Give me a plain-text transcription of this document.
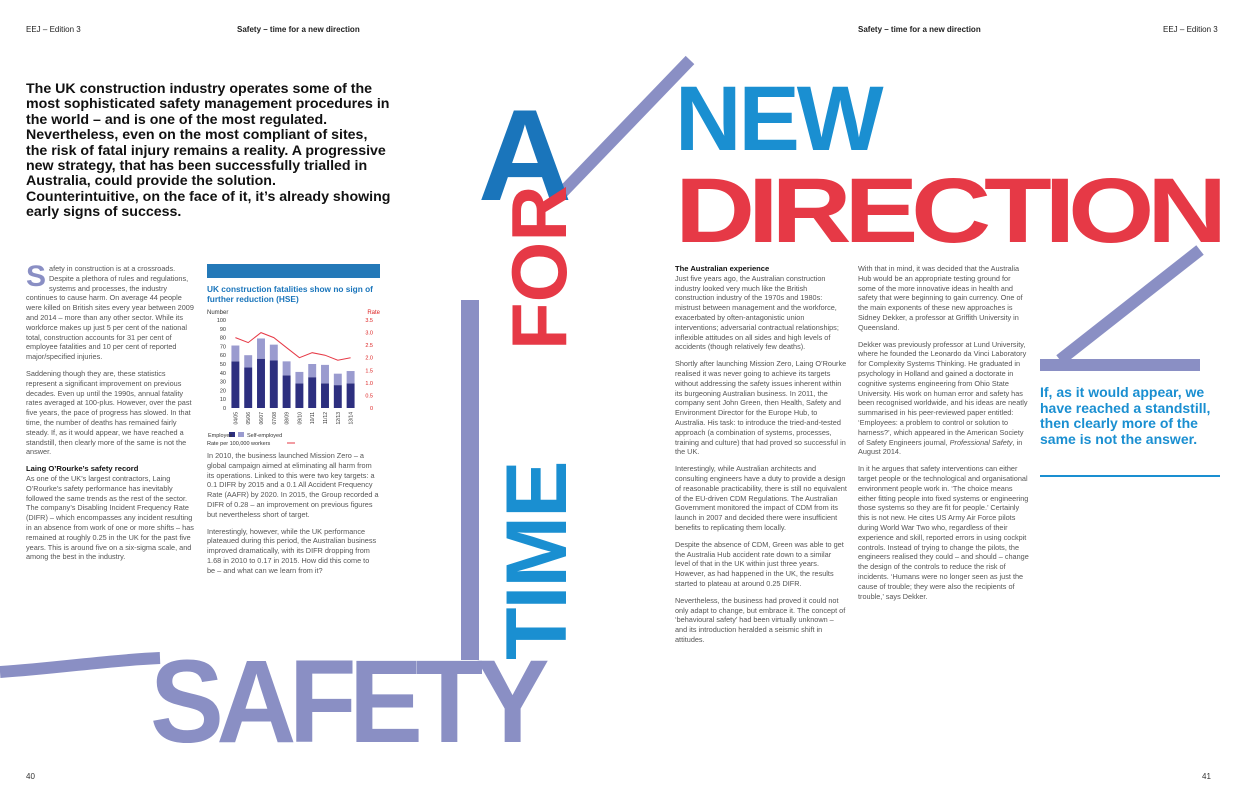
EEJ – Edition 3	Safety – time for a new direction	Safety – time for a new direction	EEJ – Edition 3
The UK construction industry operates some of the most sophisticated safety management procedures in the world – and is one of the most regulated. Nevertheless, even on the most compliant of sites, the risk of fatal injury remains a reality. A progressive new strategy, that has been successfully trialled in Australia, could provide the solution. Counterintuitive, on the face of it, it’s already showing early signs of success.	A NEW
DIRECTION
FOR
TIME
SAFETY

Safety in construction is at a crossroads. Despite a plethora of rules and regulations, systems and processes, the industry continues to cause harm. On average 44 people were killed on British sites every year between 2009 and 2014 – more than any other sector. While its workforce makes up just 5 per cent of the national total, construction accounts for 31 per cent of employee fatalities and 10 per cent of reported major/specified injuries.

Saddening though they are, these statistics represent a significant improvement on previous decades. Even up until the 1990s, annual fatality rates averaged at 100-plus. However, over the past five years, the pace of progress has slowed. In that time, the number of deaths has remained fairly steady. If, as it would appear, we have reached a standstill, then clearly more of the same is not the answer.

Laing O’Rourke’s safety record

As one of the UK’s largest contractors, Laing O’Rourke’s safety performance has inevitably followed the same trends as the rest of the sector. The company’s Disabling Incident Frequency Rate (DIFR) – which encompasses any incident resulting in an absence from work of one or more shifts – has remained at roughly 0.25 in the UK for the past five years. This is around five on a six-sigma scale, and among the best in the industry.

UK construction fatalities show no sign of further reduction (HSE)
Number	Rate
100
90
80
70
60
50
40
30
20
10
0
3.5
3.0
2.5
2.0
1.5
1.0
0.5
0
04/05 05/06 06/07 07/08 08/09 09/10 10/11 11/12 12/13 13/14
Employee	Self-employed
Rate per 100,000 workers

In 2010, the business launched Mission Zero – a global campaign aimed at eliminating all harm from its operations. Linked to this were two key targets: a 0.1 DIFR by 2015 and a 0.1 All Accident Frequency Rate (AAFR) by 2020. In 2015, the Group recorded a DIFR of 0.28 – an improvement on previous figures but nevertheless short of target.

Interestingly, however, while the UK performance plateaued during this period, the Australian business improved dramatically, with its DIFR dropping from 1.68 in 2010 to 0.17 in 2015. How did this come to be – and what can we learn from it?

The Australian experience

Just five years ago, the Australian construction industry looked very much like the British construction industry of the 1970s and 1980s: mistrust between management and the workforce, exacerbated by often-antagonistic union interventions; adversarial contractual relationships; inflexible attitudes on all sides and high levels of accidents (though relatively few deaths).

Shortly after launching Mission Zero, Laing O’Rourke realised it was never going to achieve its targets without addressing the safety issues inherent within its burgeoning Australian business. In 2011, the company sent John Green, then Health, Safety and Environment Director for the Europe Hub, to Australia. His task: to introduce the tried-and-tested approach (a combination of systems, processes, training and culture) that had proved so successful in the UK.

Interestingly, while Australian architects and consulting engineers have a duty to provide a design of reasonable practicability, there is still no equivalent of the EU-driven CDM Regulations. The Australian Government monitored the impact of CDM from its launch in 2007 and decided there were insufficient benefits to replicating them locally.

Despite the absence of CDM, Green was able to get the Australia Hub accident rate down to a similar level of that in the UK within just three years. However, as had happened in the UK, the results started to plateau at around 0.25 DIFR.

Nevertheless, the business had proved it could not only adapt to change, but embrace it. The concept of ‘behavioural safety’ had been virtually unknown – and its introduction heralded a seismic shift in attitudes.

With that in mind, it was decided that the Australia Hub would be an appropriate testing ground for some of the more innovative ideas in health and safety that were beginning to gain currency. One of the main exponents of these new approaches is Sidney Dekker, a professor at Griffith University in Queensland.

Dekker was previously professor at Lund University, where he founded the Leonardo da Vinci Laboratory for Complexity Systems Thinking. He graduated in psychology in Holland and gained a doctorate in cognitive systems engineering from Ohio State University. His work on human error and safety has been recognised worldwide, and his ideas are neatly summarised in his peer-reviewed paper entitled: ‘Employees: a problem to control or solution to harness?’, which appeared in the American Society of Safety Engineers journal, Professional Safety, in August 2014.

In it he argues that safety interventions can either target people or the technological and organisational environment people work in. ‘The choice means either fitting people into fixed systems or engineering those systems so they are fit for people.’ Certainly this is not new. He cites US Army Air Force pilots during World War Two who, regardless of their experience and skill, reported errors in using cockpit controls. Instead of trying to change the pilots, the engineers realised they could – and should – change the design of the controls to reduce the risk of incidents. ‘Humans were no longer seen as just the cause of trouble; they were also the recipients of trouble,’ says Dekker.

If, as it would appear, we have reached a standstill, then clearly more of the same is not the answer.
40	41
